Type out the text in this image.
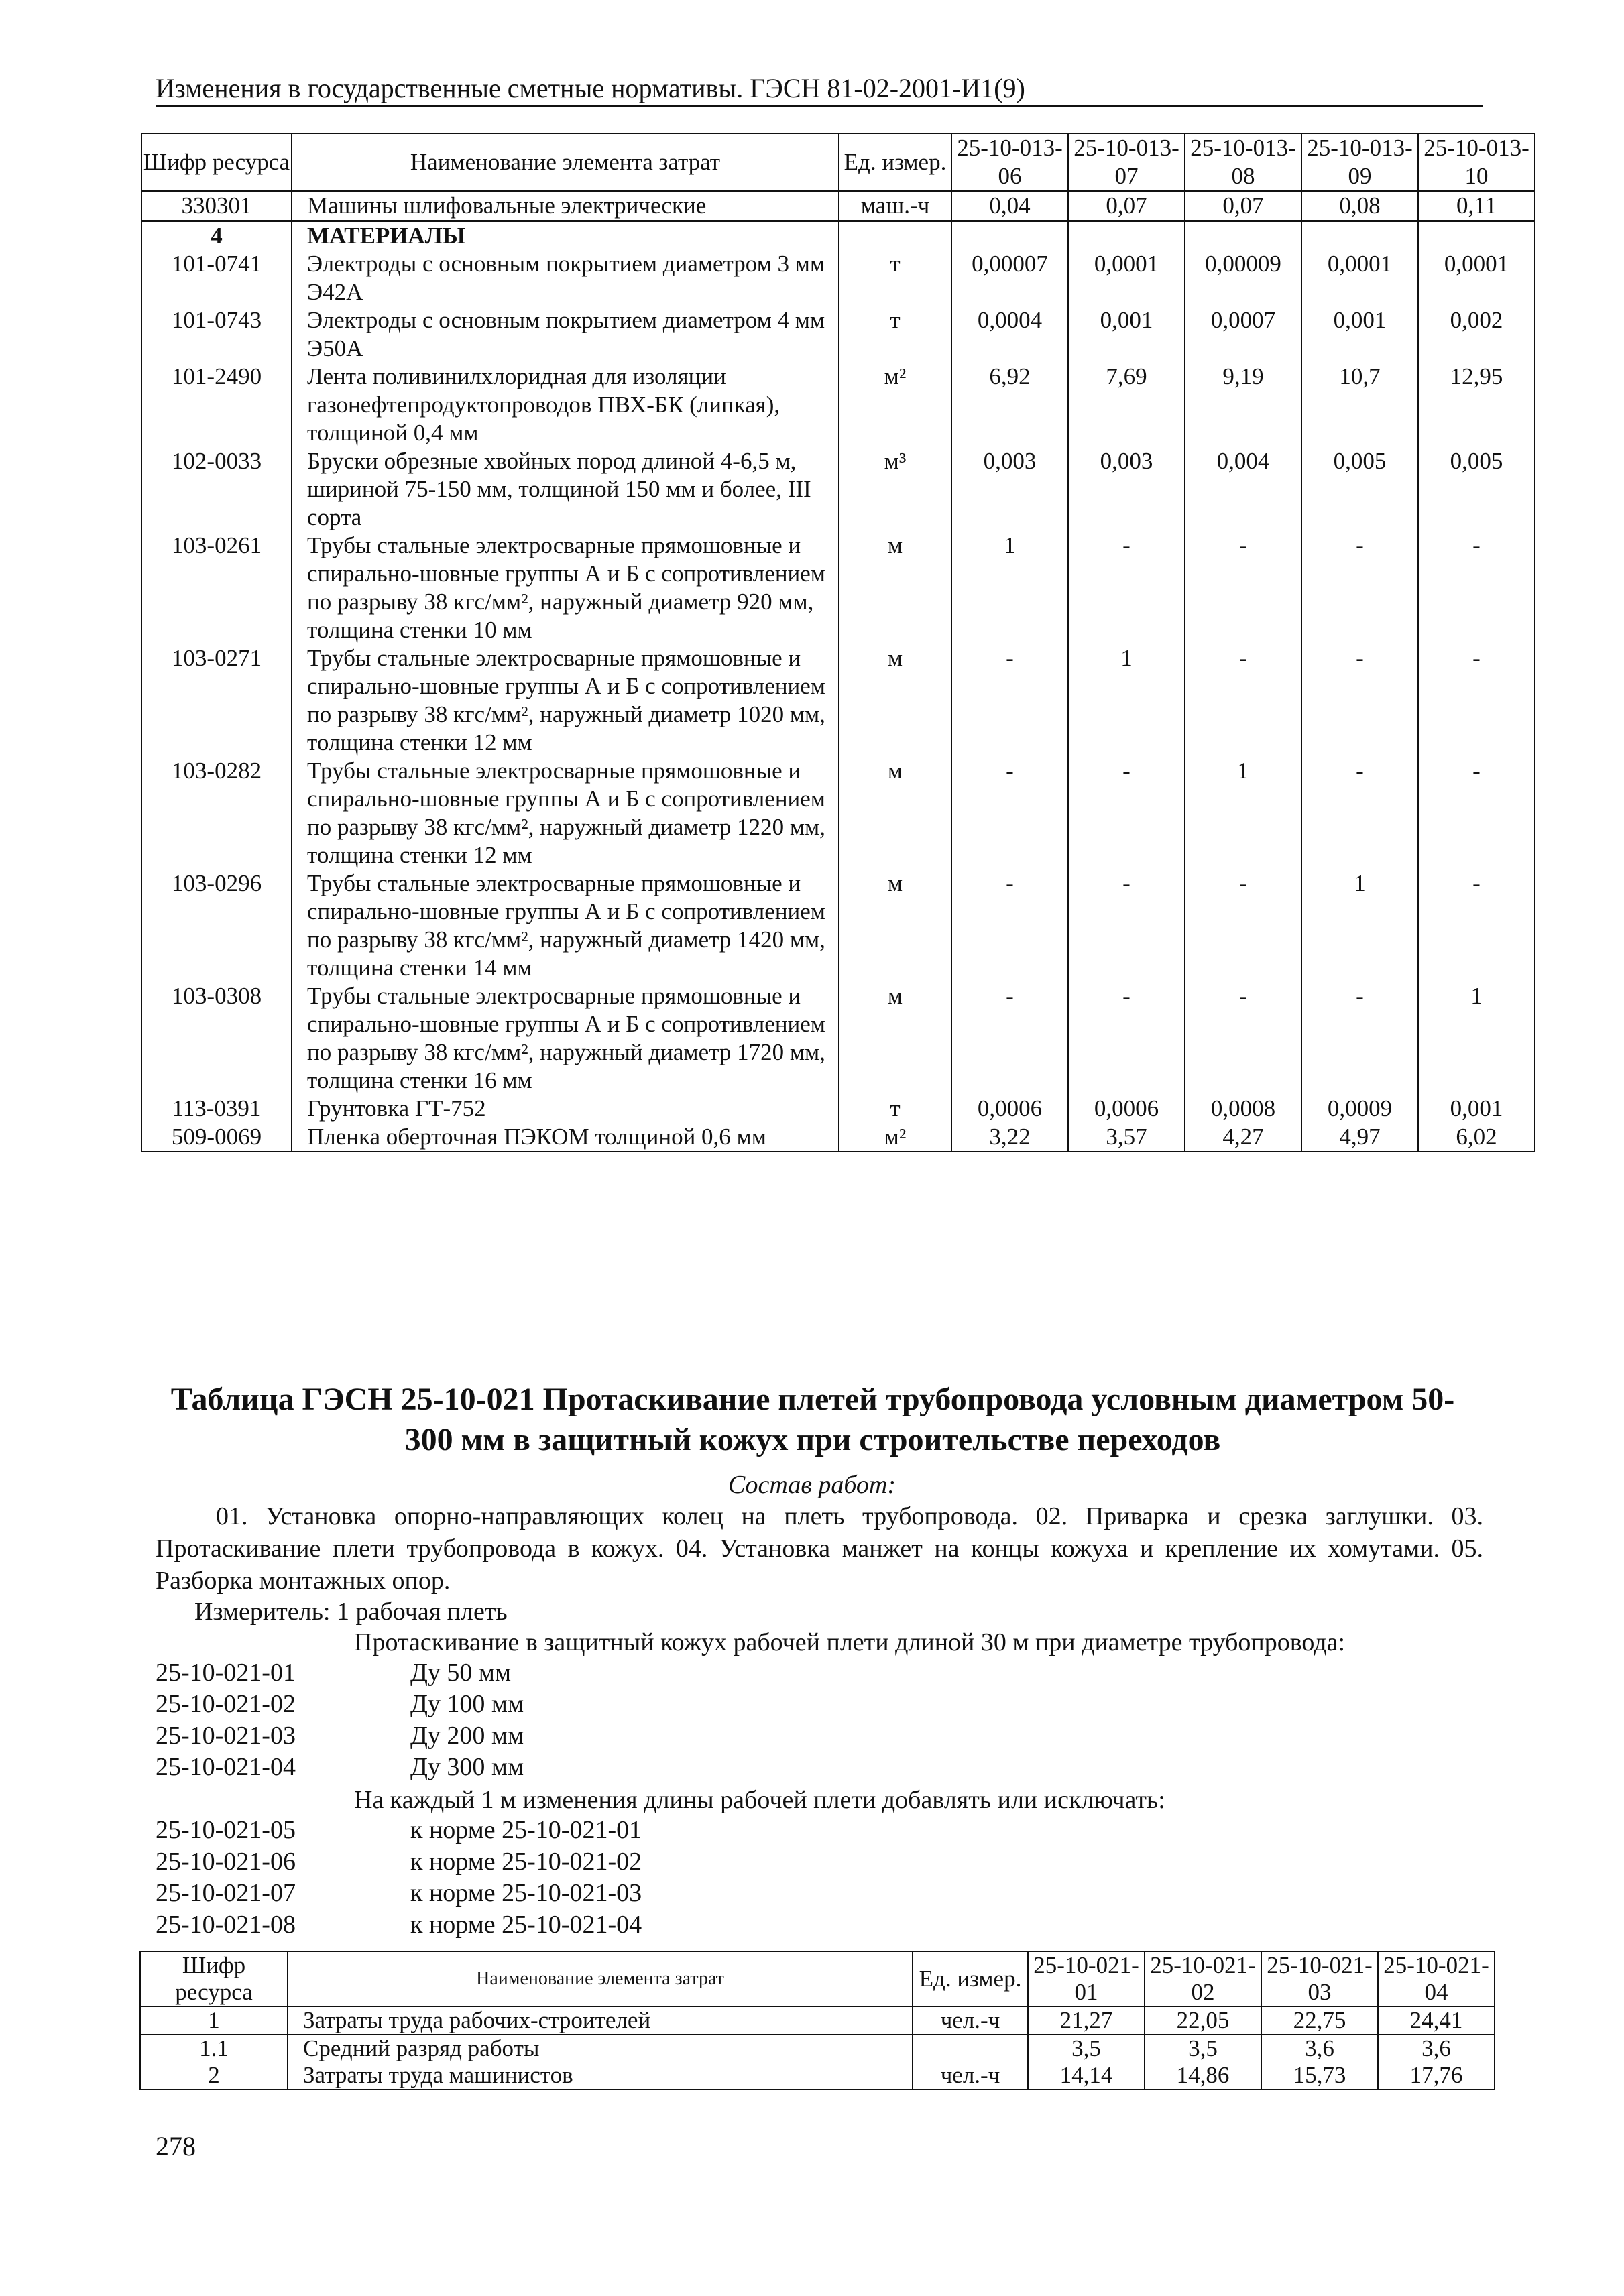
Изменения в государственные сметные нормативы. ГЭСН 81-02-2001-И1(9)
Шифр ресурса	Наименование элемента затрат	Ед. измер.	25-10-013-06	25-10-013-07	25-10-013-08	25-10-013-09	25-10-013-10
330301	Машины шлифовальные электрические	маш.-ч	0,04	0,07	0,07	0,08	0,11
4	МАТЕРИАЛЫ						
101-0741	Электроды с основным покрытием диаметром 3 мм Э42А	т	0,00007	0,0001	0,00009	0,0001	0,0001
101-0743	Электроды с основным покрытием диаметром 4 мм Э50А	т	0,0004	0,001	0,0007	0,001	0,002
101-2490	Лента поливинилхлоридная для изоляции газонефтепродуктопроводов ПВХ-БК (липкая), толщиной 0,4 мм	м²	6,92	7,69	9,19	10,7	12,95
102-0033	Бруски обрезные хвойных пород длиной 4-6,5 м, шириной 75-150 мм, толщиной 150 мм и более, III сорта	м³	0,003	0,003	0,004	0,005	0,005
103-0261	Трубы стальные электросварные прямошовные и спирально-шовные группы А и Б с сопротивлением по разрыву 38 кгс/мм², наружный диаметр 920 мм, толщина стенки 10 мм	м	1	-	-	-	-
103-0271	Трубы стальные электросварные прямошовные и спирально-шовные группы А и Б с сопротивлением по разрыву 38 кгс/мм², наружный диаметр 1020 мм, толщина стенки 12 мм	м	-	1	-	-	-
103-0282	Трубы стальные электросварные прямошовные и спирально-шовные группы А и Б с сопротивлением по разрыву 38 кгс/мм², наружный диаметр 1220 мм, толщина стенки 12 мм	м	-	-	1	-	-
103-0296	Трубы стальные электросварные прямошовные и спирально-шовные группы А и Б с сопротивлением по разрыву 38 кгс/мм², наружный диаметр 1420 мм, толщина стенки 14 мм	м	-	-	-	1	-
103-0308	Трубы стальные электросварные прямошовные и спирально-шовные группы А и Б с сопротивлением по разрыву 38 кгс/мм², наружный диаметр 1720 мм, толщина стенки 16 мм	м	-	-	-	-	1
113-0391	Грунтовка ГТ-752	т	0,0006	0,0006	0,0008	0,0009	0,001
509-0069	Пленка оберточная ПЭКОМ толщиной 0,6 мм	м²	3,22	3,57	4,27	4,97	6,02
Таблица ГЭСН 25-10-021 Протаскивание плетей трубопровода условным диаметром 50-
300 мм в защитный кожух при строительстве переходов
Состав работ:
01. Установка опорно-направляющих колец на плеть трубопровода. 02. Приварка и срезка заглушки. 03. Протаскивание плети трубопровода в кожух. 04. Установка манжет на концы кожуха и крепление их хомутами. 05. Разборка монтажных опор.
Измеритель: 1 рабочая плеть
Протаскивание в защитный кожух рабочей плети длиной 30 м при диаметре трубопровода:
25-10-021-01	Ду 50 мм
25-10-021-02	Ду 100 мм
25-10-021-03	Ду 200 мм
25-10-021-04	Ду 300 мм
На каждый 1 м изменения длины рабочей плети добавлять или исключать:
25-10-021-05	к норме 25-10-021-01
25-10-021-06	к норме 25-10-021-02
25-10-021-07	к норме 25-10-021-03
25-10-021-08	к норме 25-10-021-04
Шифр ресурса	Наименование элемента затрат	Ед. измер.	25-10-021-01	25-10-021-02	25-10-021-03	25-10-021-04
1	Затраты труда рабочих-строителей	чел.-ч	21,27	22,05	22,75	24,41
1.1	Средний разряд работы		3,5	3,5	3,6	3,6
2	Затраты труда машинистов	чел.-ч	14,14	14,86	15,73	17,76
278
